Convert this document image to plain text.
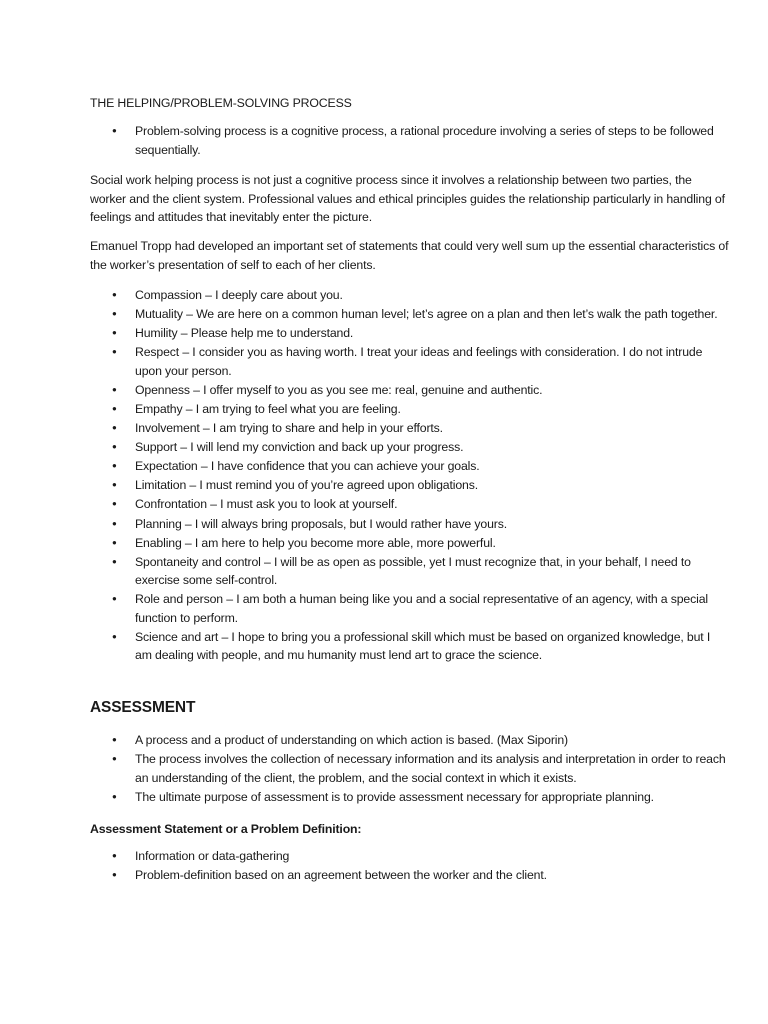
THE HELPING/PROBLEM-SOLVING PROCESS
● Problem-solving process is a cognitive process, a rational procedure involving a series of steps to be followed sequentially.

Social work helping process is not just a cognitive process since it involves a relationship between two parties, the worker and the client system. Professional values and ethical principles guides the relationship particularly in handling of feelings and attitudes that inevitably enter the picture.

Emanuel Tropp had developed an important set of statements that could very well sum up the essential characteristics of the worker’s presentation of self to each of her clients.

● Compassion – I deeply care about you.
● Mutuality – We are here on a common human level; let’s agree on a plan and then let’s walk the path together.
● Humility – Please help me to understand.
● Respect – I consider you as having worth. I treat your ideas and feelings with consideration. I do not intrude upon your person.
● Openness – I offer myself to you as you see me: real, genuine and authentic.
● Empathy – I am trying to feel what you are feeling.
● Involvement – I am trying to share and help in your efforts.
● Support – I will lend my conviction and back up your progress.
● Expectation – I have confidence that you can achieve your goals.
● Limitation – I must remind you of you’re agreed upon obligations.
● Confrontation – I must ask you to look at yourself.
● Planning – I will always bring proposals, but I would rather have yours.
● Enabling – I am here to help you become more able, more powerful.
● Spontaneity and control – I will be as open as possible, yet I must recognize that, in your behalf, I need to exercise some self-control.
● Role and person – I am both a human being like you and a social representative of an agency, with a special function to perform.
● Science and art – I hope to bring you a professional skill which must be based on organized knowledge, but I am dealing with people, and mu humanity must lend art to grace the science.
ASSESSMENT
● A process and a product of understanding on which action is based. (Max Siporin)
● The process involves the collection of necessary information and its analysis and interpretation in order to reach an understanding of the client, the problem, and the social context in which it exists.
● The ultimate purpose of assessment is to provide assessment necessary for appropriate planning.
Assessment Statement or a Problem Definition:
● Information or data-gathering
● Problem-definition based on an agreement between the worker and the client.
